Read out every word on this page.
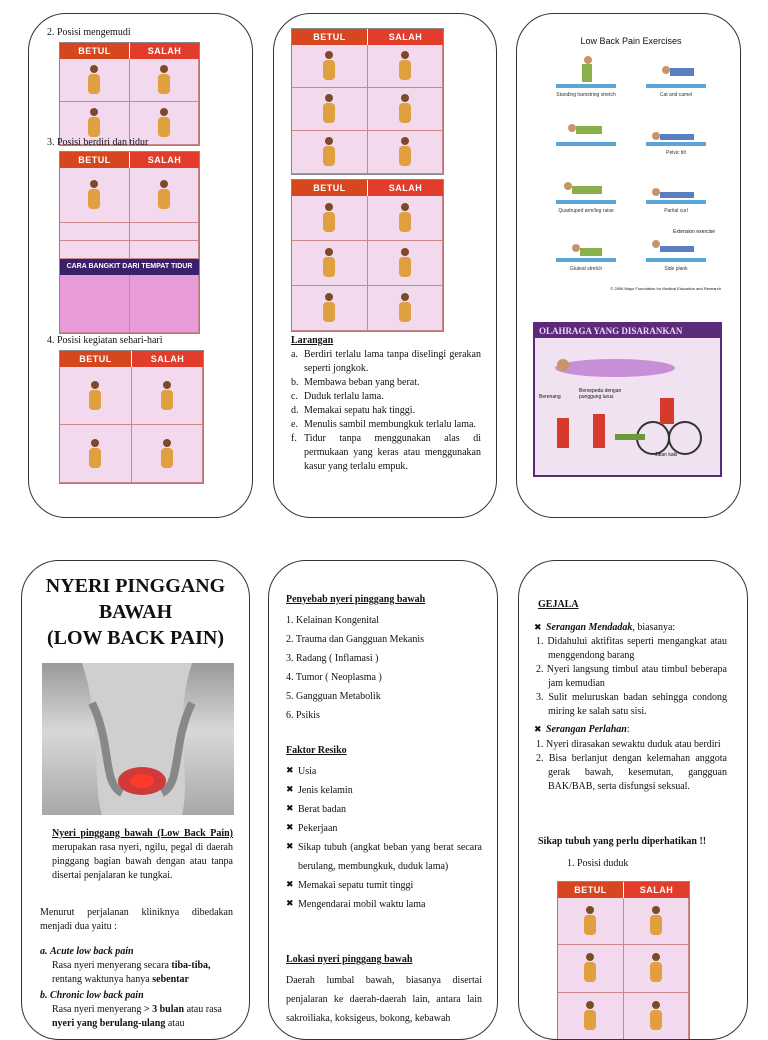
2. Posisi mengemudi
BETUL	SALAH
3. Posisi berdiri dan tidur
BETUL	SALAH
CARA BANGKIT DARI TEMPAT TIDUR
4. Posisi kegiatan sehari-hari
BETUL	SALAH
BETUL	SALAH
BETUL	SALAH
Larangan
a. Berdiri terlalu lama tanpa diselingi gerakan seperti jongkok.
b. Membawa beban yang berat.
c. Duduk terlalu lama.
d. Memakai sepatu hak tinggi.
e. Menulis sambil membungkuk terlalu lama.
f. Tidur tanpa menggunakan alas di permukaan yang keras atau menggunakan kasur yang terlalu empuk.
Low Back Pain Exercises
Standing hamstring stretch	Cat and camel
Pelvic tilt
Quadruped arm/leg raise	Partial curl
Gluteal stretch	Side plank
© 2006 Mayo Foundation for Medical Education and Research
Extension exercise
OLAHRAGA YANG DISARANKAN
Berenang
Bersepeda dengan punggung lurus
Jalan kaki
NYERI PINGGANG
BAWAH
(LOW BACK PAIN)
Nyeri pinggang bawah (Low Back Pain) merupakan rasa nyeri, ngilu, pegal di daerah pinggang bagian bawah dengan atau tanpa disertai penjalaran ke tungkai.
Menurut perjalanan kliniknya dibedakan menjadi dua yaitu :
a. Acute low back pain
Rasa nyeri menyerang secara tiba-tiba, rentang waktunya hanya sebentar
b. Chronic low back pain
Rasa nyeri menyerang > 3 bulan atau rasa nyeri yang berulang-ulang atau
Penyebab nyeri pinggang bawah
1. Kelainan Kongenital
2. Trauma dan Gangguan Mekanis
3. Radang ( Inflamasi )
4. Tumor ( Neoplasma )
5. Gangguan Metabolik
6. Psikis
Faktor Resiko
✖ Usia
✖ Jenis kelamin
✖ Berat badan
✖ Pekerjaan
✖ Sikap tubuh (angkat beban yang berat secara berulang, membungkuk, duduk lama)
✖ Memakai sepatu tumit tinggi
✖ Mengendarai mobil waktu lama
Lokasi nyeri pinggang bawah
Daerah lumbal bawah, biasanya disertai penjalaran ke daerah-daerah lain, antara lain sakroiliaka, koksigeus, bokong, kebawah
GEJALA
✖ Serangan Mendadak, biasanya:
1. Didahului aktifitas seperti mengangkat atau menggendong barang
2. Nyeri langsung timbul atau timbul beberapa jam kemudian
3. Sulit meluruskan badan sehingga condong miring ke salah satu sisi.
✖ Serangan Perlahan:
1. Nyeri dirasakan sewaktu duduk atau berdiri
2. Bisa berlanjut dengan kelemahan anggota gerak bawah, kesemutan, gangguan BAK/BAB, serta disfungsi seksual.
Sikap tubuh yang perlu diperhatikan !!
1. Posisi duduk
BETUL	SALAH
